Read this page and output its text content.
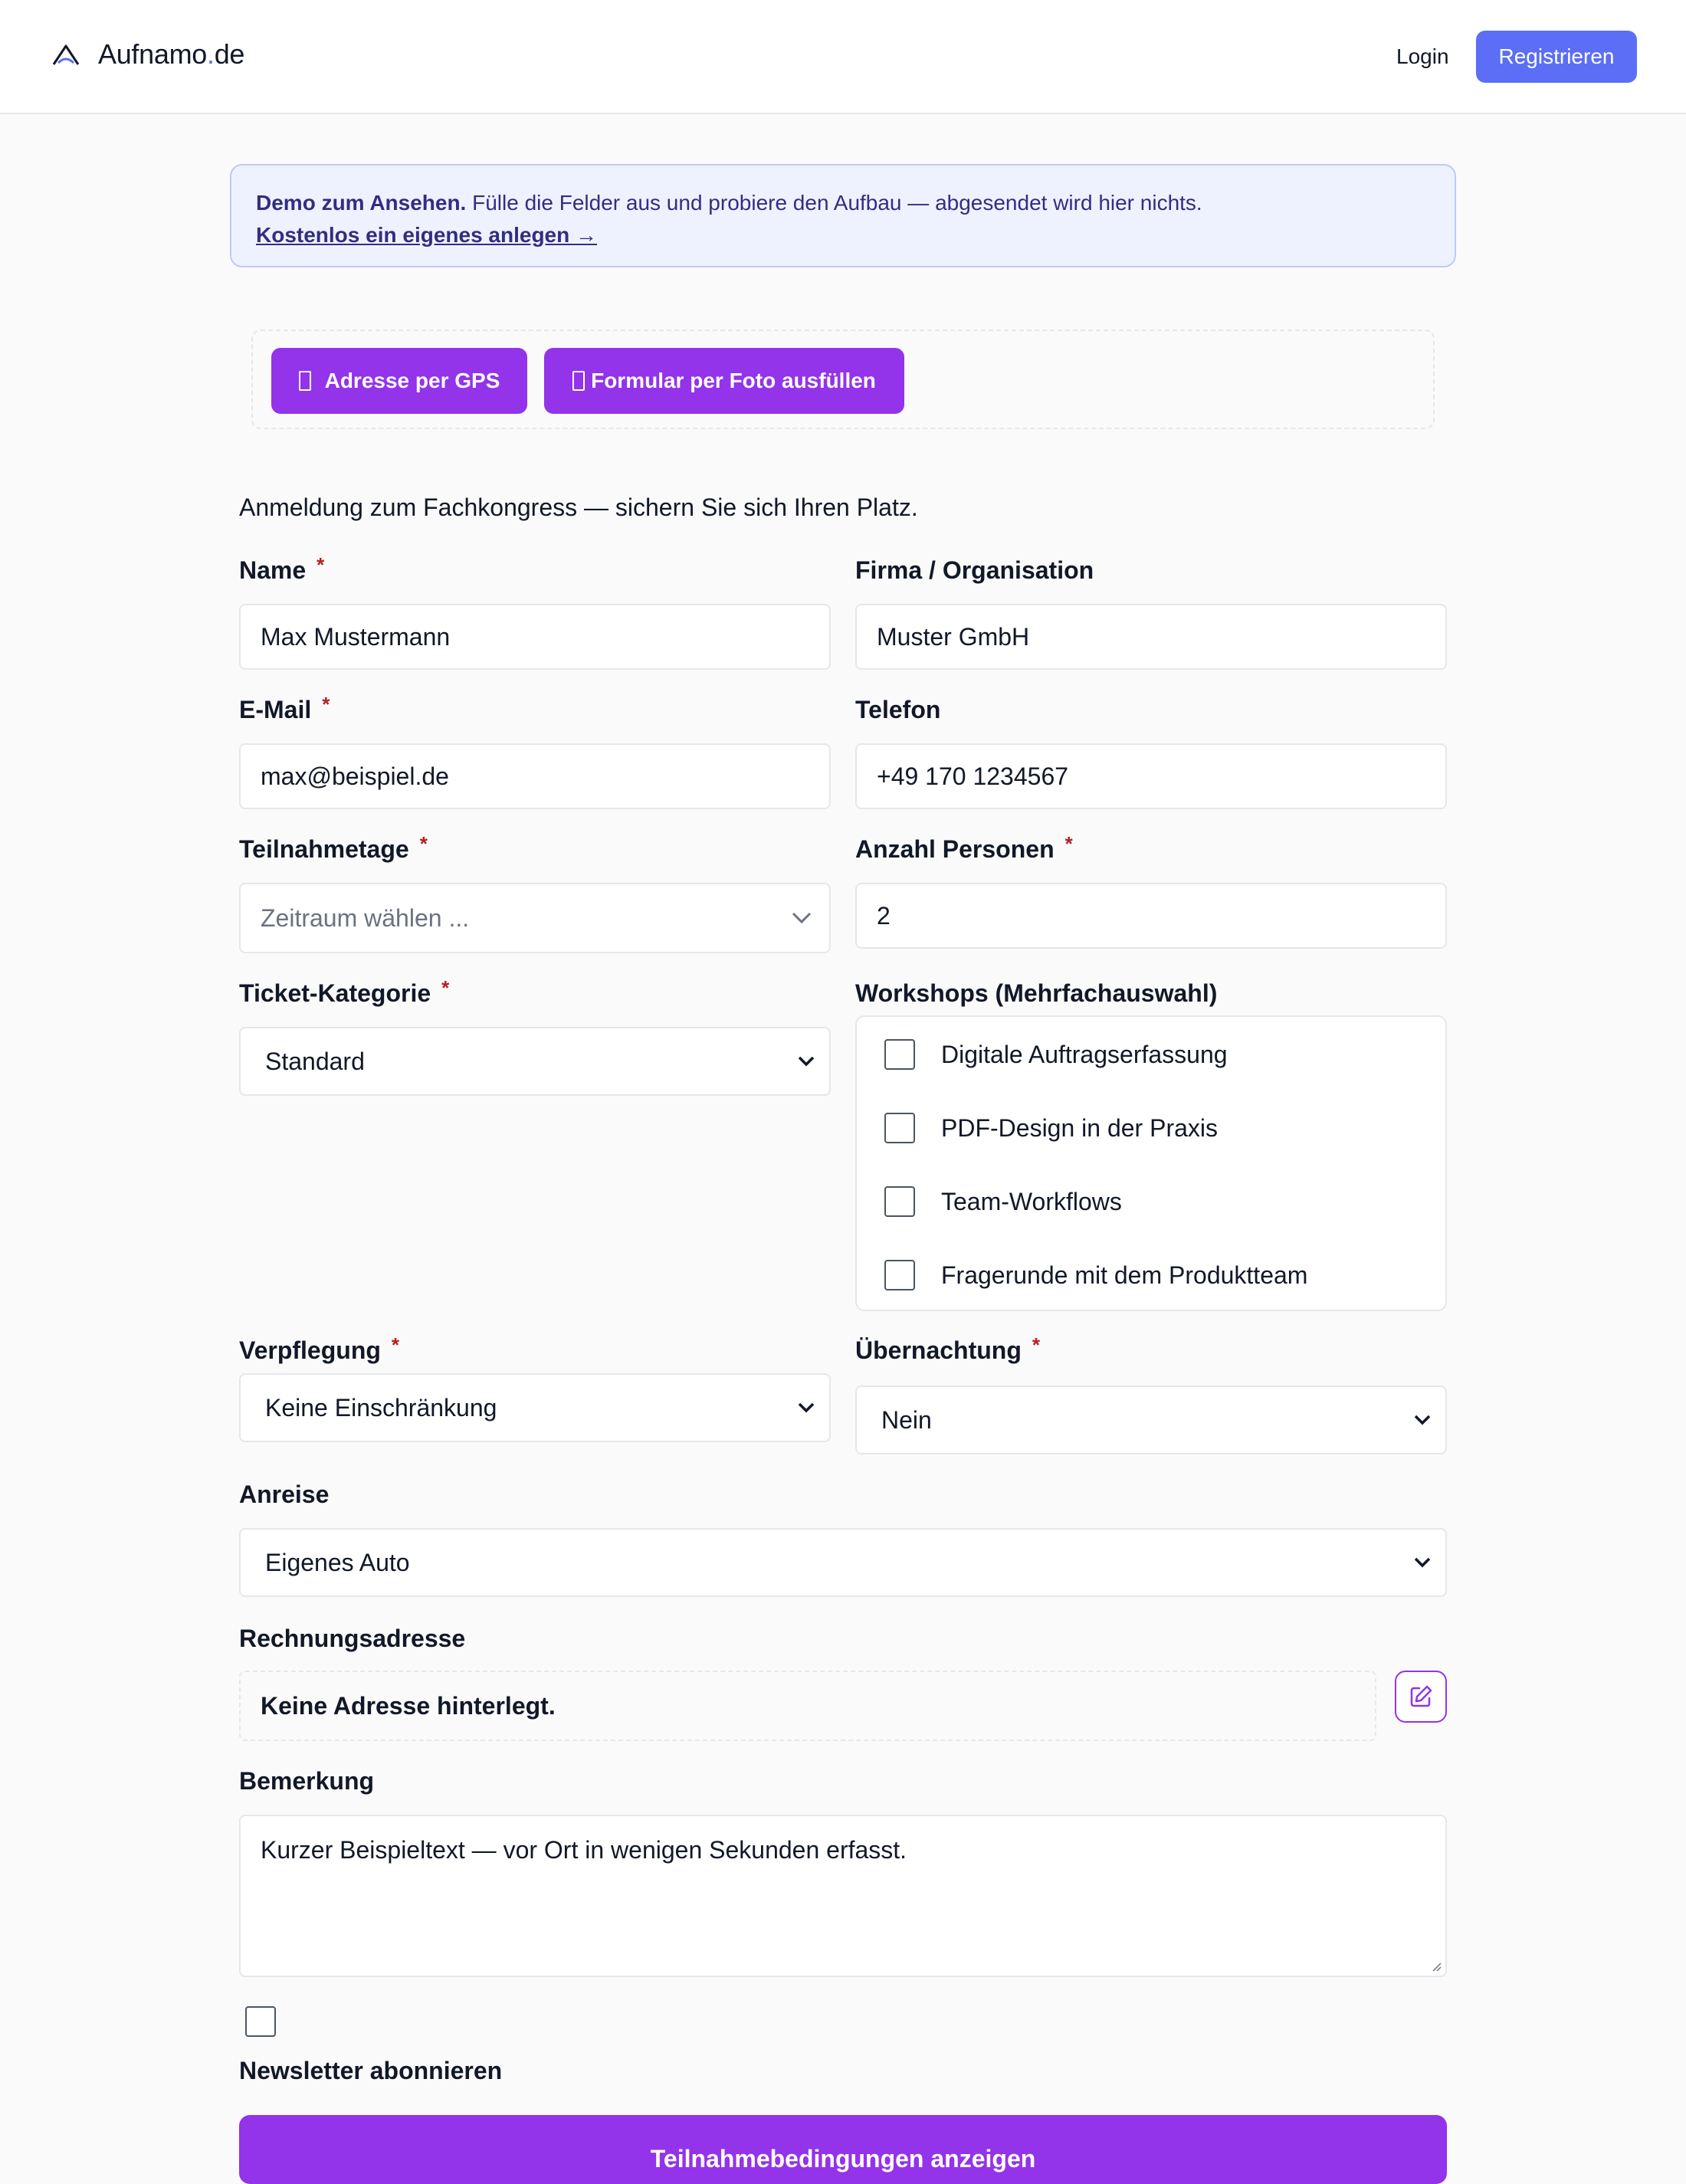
Aufnamo.de	Login	Registrieren
Demo zum Ansehen. Fülle die Felder aus und probiere den Aufbau — abgesendet wird hier nichts.
Kostenlos ein eigenes anlegen →
Adresse per GPS	Formular per Foto ausfüllen
Anmeldung zum Fachkongress — sichern Sie sich Ihren Platz.
Name *
Max Mustermann
Firma / Organisation
Muster GmbH
E-Mail *
max@beispiel.de
Telefon
+49 170 1234567
Teilnahmetage *
Zeitraum wählen ...
Anzahl Personen *
2
Ticket-Kategorie *
Standard
Workshops (Mehrfachauswahl)
Digitale Auftragserfassung
PDF-Design in der Praxis
Team-Workflows
Fragerunde mit dem Produktteam
Verpflegung *
Keine Einschränkung
Übernachtung *
Nein
Anreise
Eigenes Auto
Rechnungsadresse
Keine Adresse hinterlegt.
Bemerkung
Kurzer Beispieltext — vor Ort in wenigen Sekunden erfasst.
Newsletter abonnieren
Teilnahmebedingungen anzeigen
